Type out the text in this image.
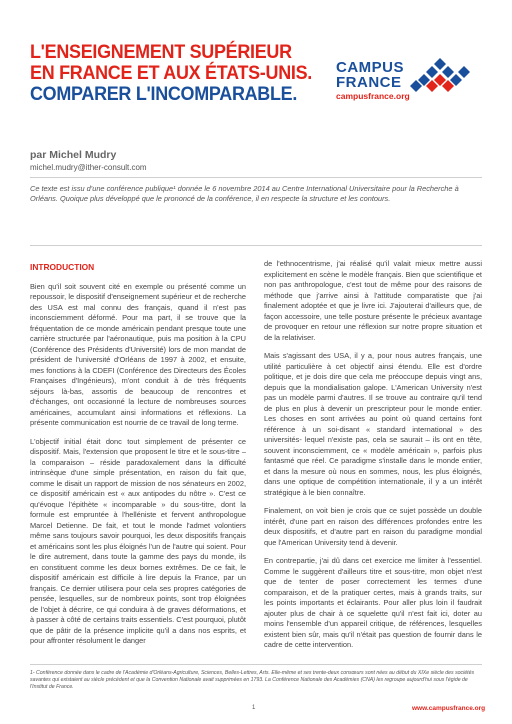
L'ENSEIGNEMENT SUPÉRIEUR
EN FRANCE ET AUX ÉTATS-UNIS.
COMPARER L'INCOMPARABLE.
CAMPUS
FRANCE
campusfrance.org
par Michel Mudry
michel.mudry@ither-consult.com
Ce texte est issu d'une conférence publique¹ donnée le 6 novembre 2014 au Centre International Universitaire pour la Recherche à Orléans. Quoique plus développé que le prononcé de la conférence, il en respecte la structure et les contours.
INTRODUCTION

Bien qu'il soit souvent cité en exemple ou présenté comme un repoussoir, le dispositif d'enseignement supérieur et de recherche des USA est mal connu des français, quand il n'est pas inconsciemment déformé. Pour ma part, il se trouve que la fréquentation de ce monde américain pendant presque toute une carrière structurée par l'aéronautique, puis ma position à la CPU (Conférence des Présidents d'Université) lors de mon mandat de président de l'université d'Orléans de 1997 à 2002, et ensuite, mes fonctions à la CDEFI (Conférence des Directeurs des Écoles Françaises d'Ingénieurs), m'ont conduit à de très fréquents séjours là-bas, assortis de beaucoup de rencontres et d'échanges, ont occasionné la lecture de nombreuses sources américaines, accumulant ainsi informations et réflexions. La présente communication est nourrie de ce travail de long terme.

L'objectif initial était donc tout simplement de présenter ce dispositif. Mais, l'extension que proposent le titre et le sous-titre – la comparaison – réside paradoxalement dans la difficulté intrinsèque d'une simple présentation, en raison du fait que, comme le disait un rapport de mission de nos sénateurs en 2002, ce dispositif américain est « aux antipodes du nôtre ». C'est ce qu'évoque l'épithète « incomparable » du sous-titre, dont la formule est empruntée à l'helléniste et fervent anthropologue Marcel Detienne. De fait, et tout le monde l'admet volontiers même sans toujours savoir pourquoi, les deux dispositifs français et américains sont les plus éloignés l'un de l'autre qui soient. Pour le dire autrement, dans toute la gamme des pays du monde, ils en constituent comme les deux bornes extrêmes. De ce fait, le dispositif américain est difficile à lire depuis la France, par un français. Ce dernier utilisera pour cela ses propres catégories de pensée, lesquelles, sur de nombreux points, sont trop éloignées de l'objet à décrire, ce qui conduira à de graves déformations, et à passer à côté de certains traits essentiels. C'est pourquoi, plutôt que de pâtir de la présence implicite qu'il a dans nos esprits, et pour affronter résolument le danger

de l'ethnocentrisme, j'ai réalisé qu'il valait mieux mettre aussi explicitement en scène le modèle français. Bien que scientifique et non pas anthropologue, c'est tout de même pour des raisons de méthode que j'arrive ainsi à l'attitude comparatiste que j'ai finalement adoptée et que je livre ici. J'ajouterai d'ailleurs que, de façon accessoire, une telle posture présente le précieux avantage de provoquer en retour une réflexion sur notre propre situation et de la relativiser.

Mais s'agissant des USA, il y a, pour nous autres français, une utilité particulière à cet objectif ainsi étendu. Elle est d'ordre politique, et je dois dire que cela me préoccupe depuis vingt ans, depuis que la mondialisation galope. L'American University n'est pas un modèle parmi d'autres. Il se trouve au contraire qu'il tend de plus en plus à devenir un prescripteur pour le monde entier. Les choses en sont arrivées au point où quand certains font référence à un soi-disant « standard international » des universités- lequel n'existe pas, cela se saurait – ils ont en tête, souvent inconsciemment, ce « modèle américain », parfois plus fantasmé que réel. Ce paradigme s'installe dans le monde entier, et dans la mesure où nous en sommes, nous, les plus éloignés, dans une optique de compétition internationale, il y a un intérêt stratégique à le bien connaître.

Finalement, on voit bien je crois que ce sujet possède un double intérêt, d'une part en raison des différences profondes entre les deux dispositifs, et d'autre part en raison du paradigme mondial que l'American University tend à devenir.

En contrepartie, j'ai dû dans cet exercice me limiter à l'essentiel. Comme le suggèrent d'ailleurs titre et sous-titre, mon objet n'est que de tenter de poser correctement les termes d'une comparaison, et de la pratiquer certes, mais à grands traits, sur les points importants et éclairants. Pour aller plus loin il faudrait ajouter plus de chair à ce squelette qu'il n'est fait ici, doter au moins l'ensemble d'un appareil critique, de références, lesquelles existent bien sûr, mais qu'il n'était pas question de fournir dans le cadre de cette intervention.

1- Conférence donnée dans le cadre de l'Académie d'Orléans-Agriculture, Sciences, Belles-Lettres, Arts. Elle-même et ses trente-deux consœurs sont nées au début du XIXe siècle des sociétés savantes qui existaient au siècle précédent et que la Convention Nationale avait supprimées en 1793. La Conférence Nationale des Académies (CNA) les regroupe aujourd'hui sous l'égide de l'Institut de France.
1	www.campusfrance.org
